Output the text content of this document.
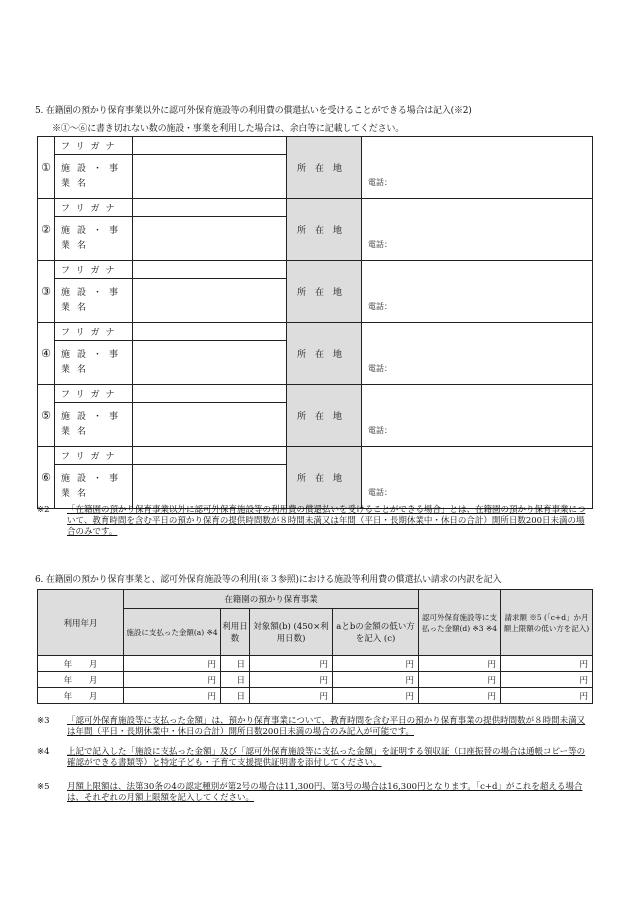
5. 在籍園の預かり保育事業以外に認可外保育施設等の利用費の償還払いを受けることができる場合は記入(※2)
※①～⑥に書き切れない数の施設・事業を利用した場合は、余白等に記載してください。
①	フリガナ		所在地	電話：
	施設・事業名			
②	フリガナ		所在地	電話：
	施設・事業名			
③	フリガナ		所在地	電話：
	施設・事業名			
④	フリガナ		所在地	電話：
	施設・事業名			
⑤	フリガナ		所在地	電話：
	施設・事業名			
⑥	フリガナ		所在地	電話：
	施設・事業名			
※2 「在籍園の預かり保育事業以外に認可外保育施設等の利用費の償還払いを受けることができる場合」とは、在籍園の預かり保育事業について、教育時間を含む平日の預かり保育の提供時間数が８時間未満又は年間（平日・長期休業中・休日の合計）開所日数200日未満の場合のみです。
6. 在籍園の預かり保育事業と、認可外保育施設等の利用(※３参照)における施設等利用費の償還払い請求の内訳を記入
利用年月	在籍園の預かり保育事業				認可外保育施設等に支払った金額(d) ※3 ※4	請求額 ※5 (「c+d」か月額上限額の低い方を記入)
	施設に支払った金額(a) ※4	利用日数	対象額(b) (450×利用日数)	aとbの金額の低い方を記入 (c)		
年 月	円	日	円	円	円	円
年 月	円	日	円	円	円	円
年 月	円	日	円	円	円	円
※3 「認可外保育施設等に支払った金額」は、預かり保育事業について、教育時間を含む平日の預かり保育事業の提供時間数が８時間未満又は年間（平日・長期休業中・休日の合計）開所日数200日未満の場合のみ記入が可能です。
※4 上記で記入した「施設に支払った金額」及び「認可外保育施設等に支払った金額」を証明する領収証（口座振替の場合は通帳コピー等の確認ができる書類等）と特定子ども・子育て支援提供証明書を添付してください。
※5 月額上限額は、法第30条の4の認定種別が第2号の場合は11,300円、第3号の場合は16,300円となります。「c+d」がこれを超える場合は、それぞれの月額上限額を記入してください。
